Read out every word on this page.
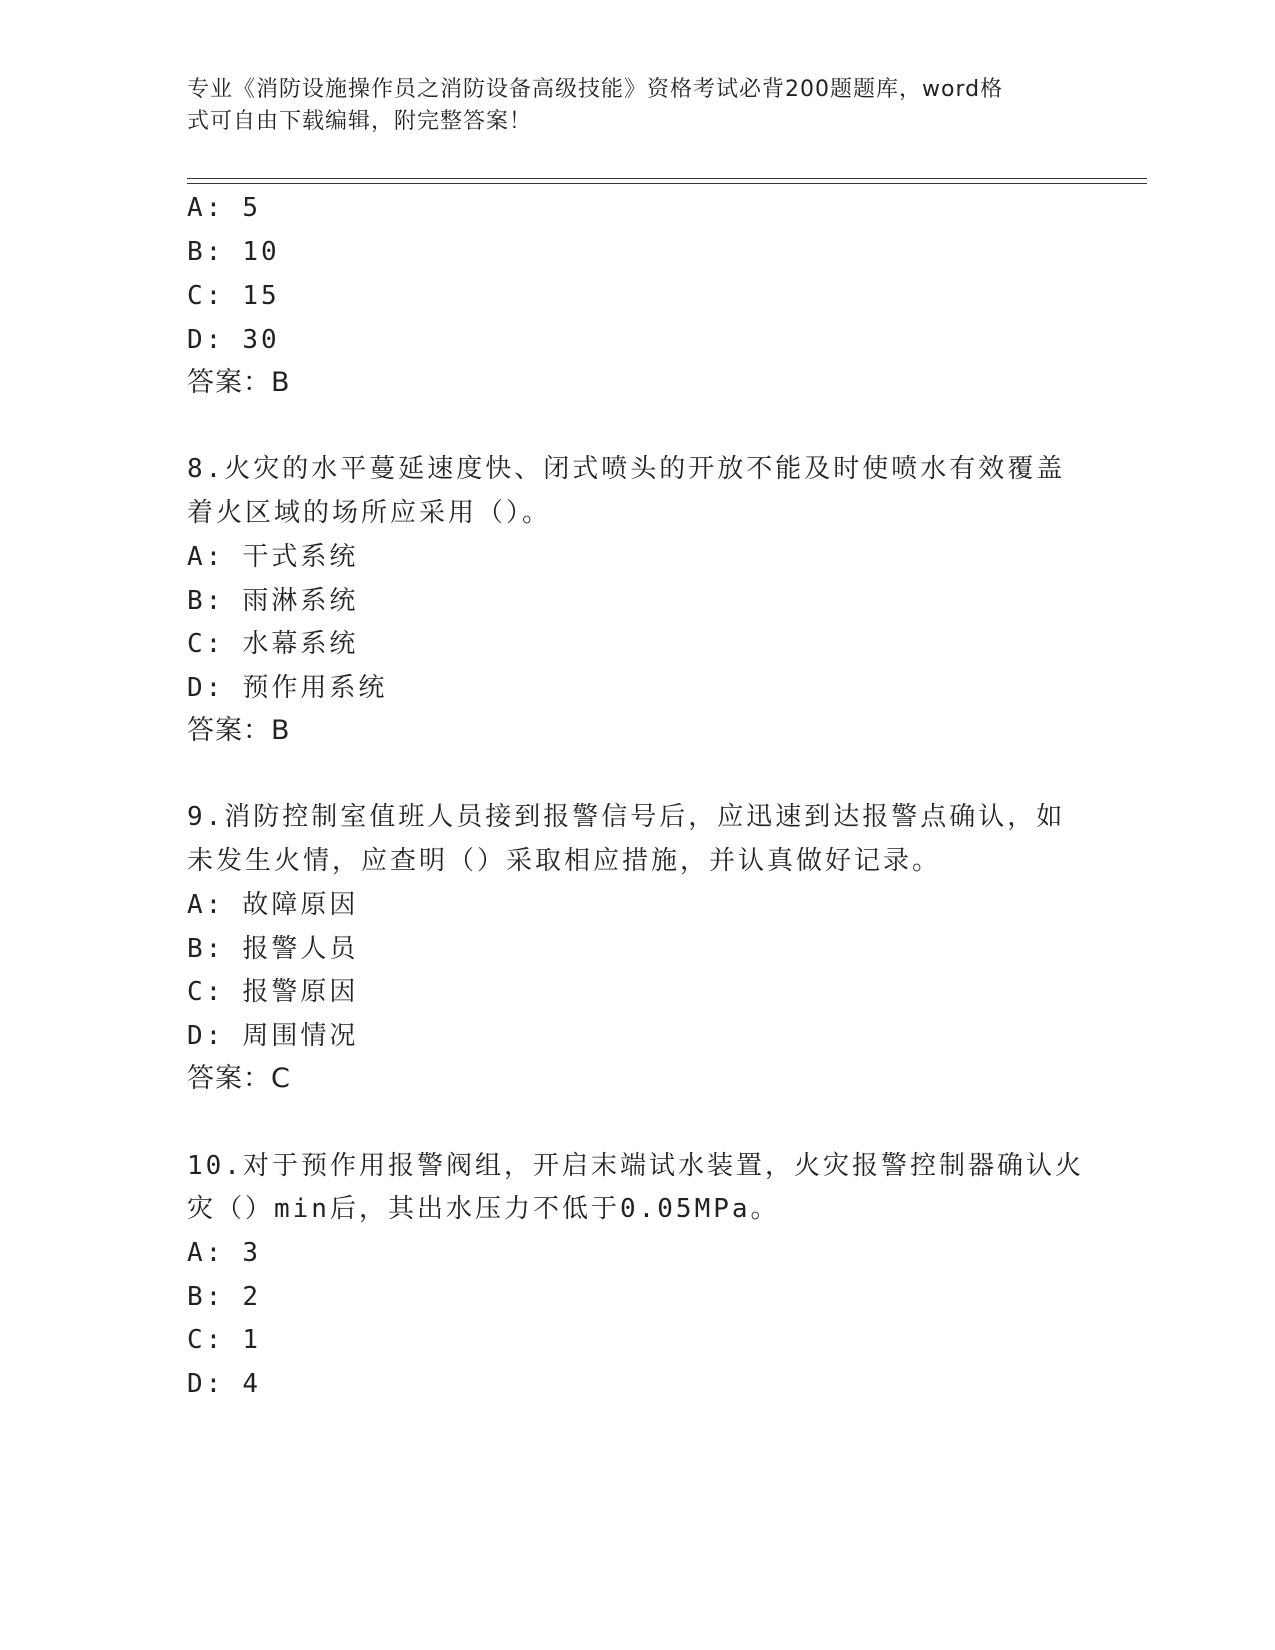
专业《消防设施操作员之消防设备高级技能》资格考试必背200题题库，word格
式可自由下载编辑，附完整答案！
A: 5
B: 10
C: 15
D: 30
答案：B
8.火灾的水平蔓延速度快、闭式喷头的开放不能及时使喷水有效覆盖
着火区域的场所应采用（）。
A: 干式系统
B: 雨淋系统
C: 水幕系统
D: 预作用系统
答案：B
9.消防控制室值班人员接到报警信号后，应迅速到达报警点确认，如
未发生火情，应查明（）采取相应措施，并认真做好记录。
A: 故障原因
B: 报警人员
C: 报警原因
D: 周围情况
答案：C
10.对于预作用报警阀组，开启末端试水装置，火灾报警控制器确认火
灾（）min后，其出水压力不低于0.05MPa。
A: 3
B: 2
C: 1
D: 4
